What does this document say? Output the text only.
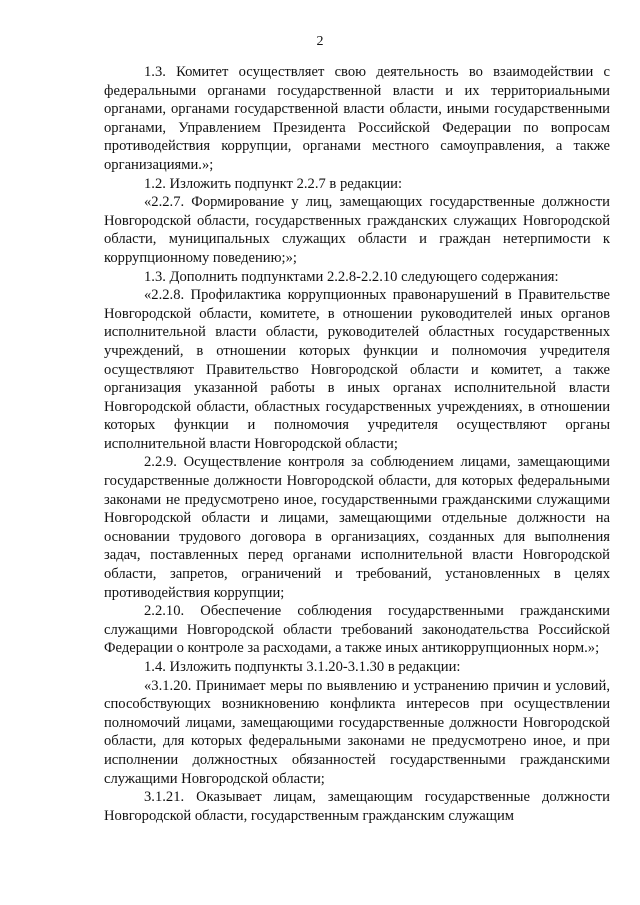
2

1.3. Комитет осуществляет свою деятельность во взаимодействии с федеральными органами государственной власти и их территориальными органами, органами государственной власти области, иными государственными органами, Управлением Президента Российской Федерации по вопросам противодействия коррупции, органами местного самоуправления, а также организациями.»;

1.2. Изложить подпункт 2.2.7 в редакции:

«2.2.7. Формирование у лиц, замещающих государственные должности Новгородской области, государственных гражданских служащих Новгородской области, муниципальных служащих области и граждан нетерпимости к коррупционному поведению;»;

1.3. Дополнить подпунктами 2.2.8-2.2.10 следующего содержания:

«2.2.8. Профилактика коррупционных правонарушений в Правительстве Новгородской области, комитете, в отношении руководителей иных органов исполнительной власти области, руководителей областных государственных учреждений, в отношении которых функции и полномочия учредителя осуществляют Правительство Новгородской области и комитет, а также организация указанной работы в иных органах исполнительной власти Новгородской области, областных государственных учреждениях, в отношении которых функции и полномочия учредителя осуществляют органы исполнительной власти Новгородской области;

2.2.9. Осуществление контроля за соблюдением лицами, замещающими государственные должности Новгородской области, для которых федеральными законами не предусмотрено иное, государственными гражданскими служащими Новгородской области и лицами, замещающими отдельные должности на основании трудового договора в организациях, созданных для выполнения задач, поставленных перед органами исполнительной власти Новгородской области, запретов, ограничений и требований, установленных в целях противодействия коррупции;

2.2.10. Обеспечение соблюдения государственными гражданскими служащими Новгородской области требований законодательства Российской Федерации о контроле за расходами, а также иных антикоррупционных норм.»;

1.4. Изложить подпункты 3.1.20-3.1.30 в редакции:

«3.1.20. Принимает меры по выявлению и устранению причин и условий, способствующих возникновению конфликта интересов при осуществлении полномочий лицами, замещающими государственные должности Новгородской области, для которых федеральными законами не предусмотрено иное, и при исполнении должностных обязанностей государственными гражданскими служащими Новгородской области;

3.1.21. Оказывает лицам, замещающим государственные должности Новгородской области, государственным гражданским служащим
